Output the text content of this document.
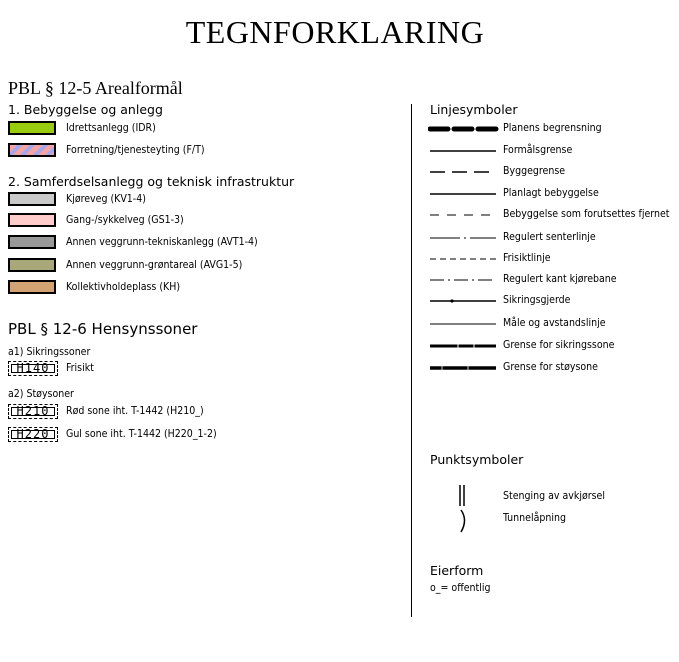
TEGNFORKLARING
PBL § 12-5 Arealformål
1. Bebyggelse og anlegg
Idrettsanlegg (IDR)
Forretning/tjenesteyting (F/T)
2. Samferdselsanlegg og teknisk infrastruktur
Kjøreveg (KV1-4)
Gang-/sykkelveg (GS1-3)
Annen veggrunn-tekniskanlegg (AVT1-4)
Annen veggrunn-grøntareal (AVG1-5)
Kollektivholdeplass (KH)
PBL § 12-6 Hensynssoner
a1) Sikringssoner
H140	Frisikt
a2) Støysoner
H210	Rød sone iht. T-1442 (H210_)
H220	Gul sone iht. T-1442 (H220_1-2)
Linjesymboler
Planens begrensning
Formålsgrense
Byggegrense
Planlagt bebyggelse
Bebyggelse som forutsettes fjernet
Regulert senterlinje
Frisiktlinje
Regulert kant kjørebane
Sikringsgjerde
Måle og avstandslinje
Grense for sikringssone
Grense for støysone
Punktsymboler
Stenging av avkjørsel
Tunnelåpning
Eierform
o_= offentlig
